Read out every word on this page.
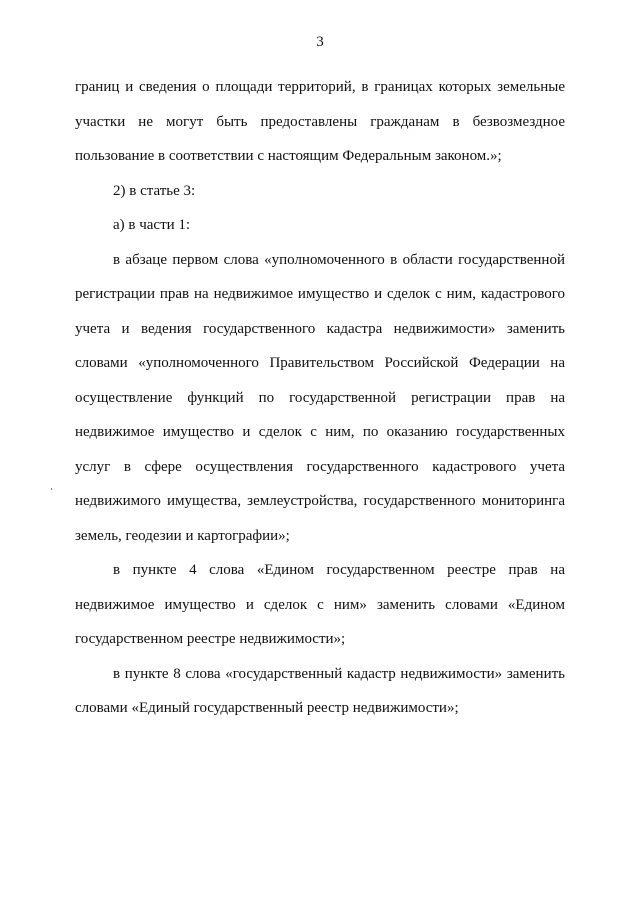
3

границ и сведения о площади территорий, в границах которых земельные участки не могут быть предоставлены гражданам в безвозмездное пользование в соответствии с настоящим Федеральным законом.»;

2) в статье 3:

а) в части 1:

в абзаце первом слова «уполномоченного в области государственной регистрации прав на недвижимое имущество и сделок с ним, кадастрового учета и ведения государственного кадастра недвижимости» заменить словами «уполномоченного Правительством Российской Федерации на осуществление функций по государственной регистрации прав на недвижимое имущество и сделок с ним, по оказанию государственных услуг в сфере осуществления государственного кадастрового учета недвижимого имущества, землеустройства, государственного мониторинга земель, геодезии и картографии»;

в пункте 4 слова «Едином государственном реестре прав на недвижимое имущество и сделок с ним» заменить словами «Едином государственном реестре недвижимости»;

в пункте 8 слова «государственный кадастр недвижимости» заменить словами «Единый государственный реестр недвижимости»;
